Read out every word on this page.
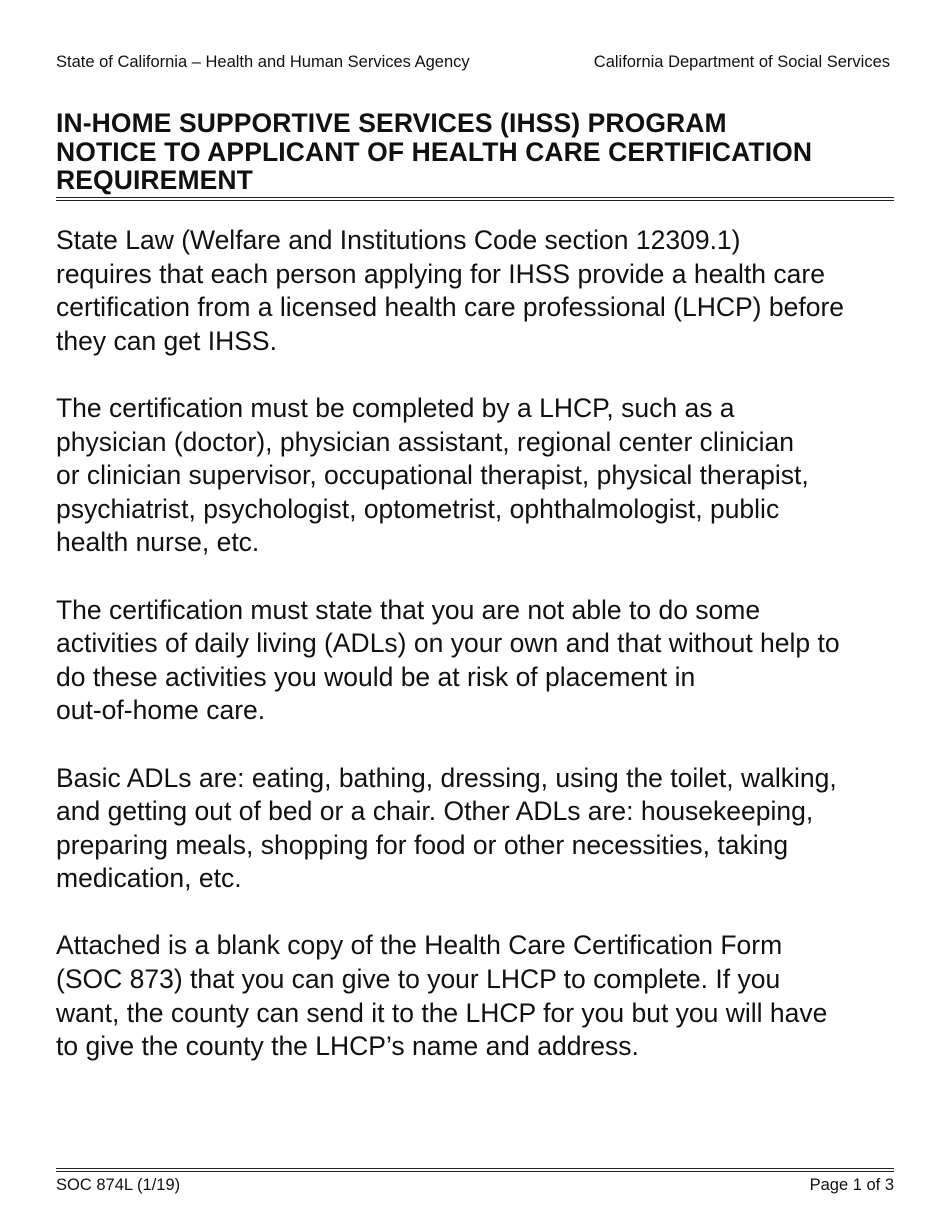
State of California – Health and Human Services Agency	California Department of Social Services
IN-HOME SUPPORTIVE SERVICES (IHSS) PROGRAM
NOTICE TO APPLICANT OF HEALTH CARE CERTIFICATION
REQUIREMENT

State Law (Welfare and Institutions Code section 12309.1)
requires that each person applying for IHSS provide a health care
certification from a licensed health care professional (LHCP) before
they can get IHSS.

The certification must be completed by a LHCP, such as a
physician (doctor), physician assistant, regional center clinician
or clinician supervisor, occupational therapist, physical therapist,
psychiatrist, psychologist, optometrist, ophthalmologist, public
health nurse, etc.

The certification must state that you are not able to do some
activities of daily living (ADLs) on your own and that without help to
do these activities you would be at risk of placement in
out-of-home care.

Basic ADLs are: eating, bathing, dressing, using the toilet, walking,
and getting out of bed or a chair. Other ADLs are: housekeeping,
preparing meals, shopping for food or other necessities, taking
medication, etc.

Attached is a blank copy of the Health Care Certification Form
(SOC 873) that you can give to your LHCP to complete. If you
want, the county can send it to the LHCP for you but you will have
to give the county the LHCP’s name and address.

SOC 874L (1/19)	Page 1 of 3
